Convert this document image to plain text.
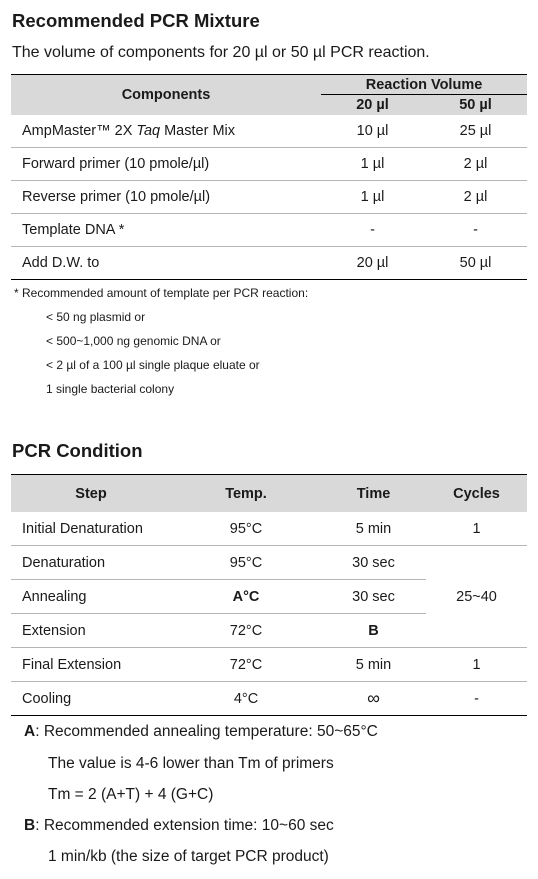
Recommended PCR Mixture
The volume of components for 20 µl or 50 µl PCR reaction.
Components	Reaction Volume	
	20 µl	50 µl
AmpMaster™ 2X Taq Master Mix	10 µl	25 µl
Forward primer (10 pmole/µl)	1 µl	2 µl
Reverse primer (10 pmole/µl)	1 µl	2 µl
Template DNA *	-	-
Add D.W. to	20 µl	50 µl
* Recommended amount of template per PCR reaction:
< 50 ng plasmid or
< 500~1,000 ng genomic DNA or
< 2 µl of a 100 µl single plaque eluate or
1 single bacterial colony
PCR Condition
Step	Temp.	Time	Cycles
Initial Denaturation	95°C	5 min	1
Denaturation	95°C	30 sec	25~40
Annealing	A°C	30 sec	
Extension	72°C	B	
Final Extension	72°C	5 min	1
Cooling	4°C	∞	-
A: Recommended annealing temperature: 50~65°C
The value is 4-6 lower than Tm of primers
Tm = 2 (A+T) + 4 (G+C)
B: Recommended extension time: 10~60 sec
1 min/kb (the size of target PCR product)
